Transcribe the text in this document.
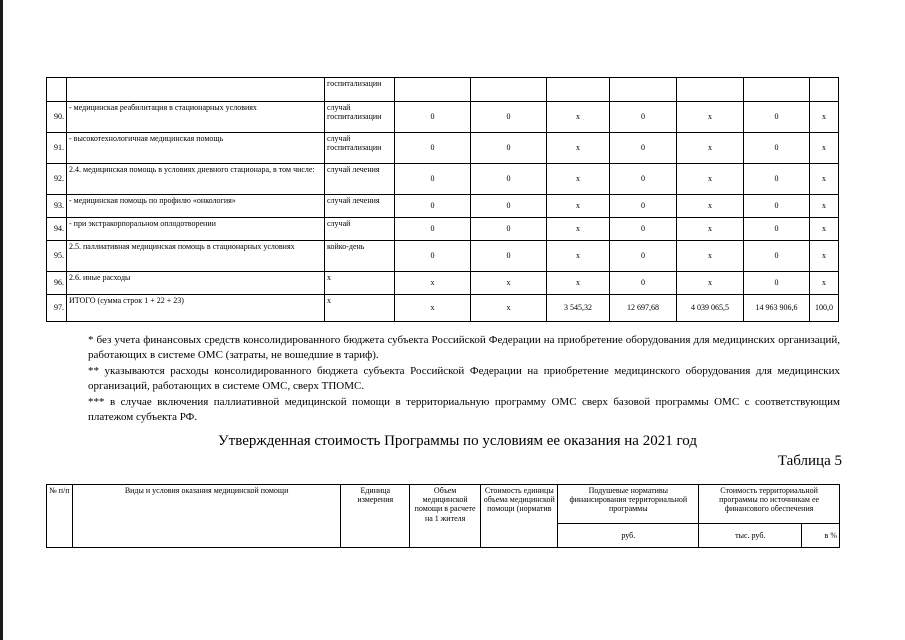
		госпитализации							
90.	- медицинская реабилитация в стационарных условиях	случай госпитализации	0	0	х	0	х	0	х
91.	- высокотехнологичная медицинская помощь	случай госпитализации	0	0	х	0	х	0	х
92.	2.4. медицинская помощь в условиях дневного стационара, в том числе:	случай лечения	0	0	х	0	х	0	х
93.	- медицинская помощь по профилю «онкология»	случай лечения	0	0	х	0	х	0	х
94.	- при экстракорпоральном оплодотворении	случай	0	0	х	0	х	0	х
95.	2.5. паллиативная медицинская помощь в стационарных условиях	койко-день	0	0	х	0	х	0	х
96.	2.6. иные расходы	х	х	х	х	0	х	0	х
97.	ИТОГО (сумма строк 1 + 22 + 23)	х	х	х	3 545,32	12 697,68	4 039 065,5	14 963 906,6	100,0
* без учета финансовых средств консолидированного бюджета субъекта Российской Федерации на приобретение оборудования для медицинских организаций, работающих в системе ОМС (затраты, не вошедшие в тариф).
** указываются расходы консолидированного бюджета субъекта Российской Федерации на приобретение медицинского оборудования для медицинских организаций, работающих в системе ОМС, сверх ТПОМС.
*** в случае включения паллиативной медицинской помощи в территориальную программу ОМС сверх базовой программы ОМС с соответствующим платежом субъекта РФ.
Утвержденная стоимость Программы по условиям ее оказания на 2021 год
Таблица 5
№ п/п	Виды и условия оказания медицинской помощи	Единица измерения	Объем медицинской помощи в расчете на 1 жителя	Стоимость единицы объема медицинской помощи (норматив	Подушевые нормативы финансирования территориальной программы	Стоимость территориальной программы по источникам ее финансового обеспечения	
					руб.	тыс. руб.	в %
